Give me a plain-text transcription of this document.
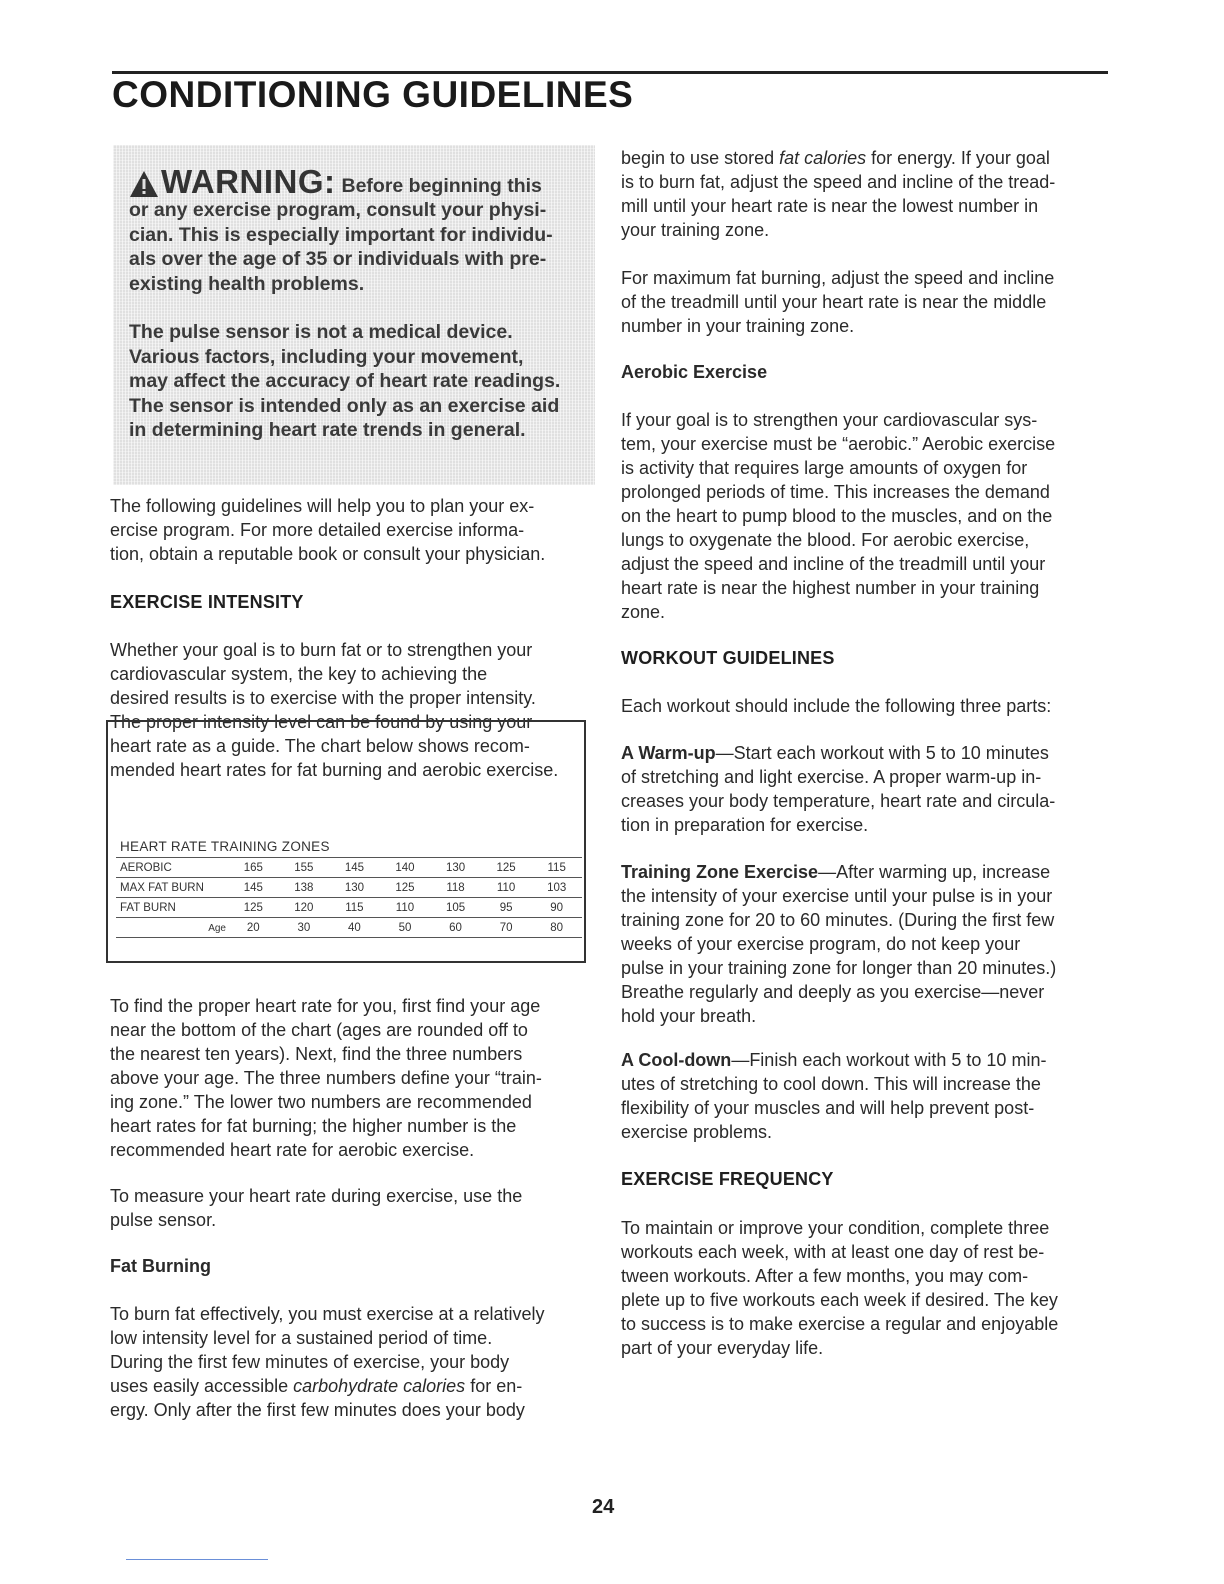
CONDITIONING GUIDELINES
WARNING: Before beginning this

or any exercise program, consult your physi-
cian. This is especially important for individu-
als over the age of 35 or individuals with pre-
existing health problems.

The pulse sensor is not a medical device.
Various factors, including your movement,
may affect the accuracy of heart rate readings.
The sensor is intended only as an exercise aid
in determining heart rate trends in general.

The following guidelines will help you to plan your ex-
ercise program. For more detailed exercise informa-
tion, obtain a reputable book or consult your physician.

EXERCISE INTENSITY

Whether your goal is to burn fat or to strengthen your
cardiovascular system, the key to achieving the
desired results is to exercise with the proper intensity.
The proper intensity level can be found by using your
heart rate as a guide. The chart below shows recom-
mended heart rates for fat burning and aerobic exercise.

HEART RATE TRAINING ZONES
AEROBIC	165	155	145	140	130	125	115
MAX FAT BURN	145	138	130	125	118	110	103
FAT BURN	125	120	115	110	105	95	90
Age	20	30	40	50	60	70	80

To find the proper heart rate for you, first find your age
near the bottom of the chart (ages are rounded off to
the nearest ten years). Next, find the three numbers
above your age. The three numbers define your “train-
ing zone.” The lower two numbers are recommended
heart rates for fat burning; the higher number is the
recommended heart rate for aerobic exercise.

To measure your heart rate during exercise, use the
pulse sensor.

Fat Burning

To burn fat effectively, you must exercise at a relatively
low intensity level for a sustained period of time.
During the first few minutes of exercise, your body
uses easily accessible carbohydrate calories for en-
ergy. Only after the first few minutes does your body

begin to use stored fat calories for energy. If your goal
is to burn fat, adjust the speed and incline of the tread-
mill until your heart rate is near the lowest number in
your training zone.

For maximum fat burning, adjust the speed and incline
of the treadmill until your heart rate is near the middle
number in your training zone.

Aerobic Exercise

If your goal is to strengthen your cardiovascular sys-
tem, your exercise must be “aerobic.” Aerobic exercise
is activity that requires large amounts of oxygen for
prolonged periods of time. This increases the demand
on the heart to pump blood to the muscles, and on the
lungs to oxygenate the blood. For aerobic exercise,
adjust the speed and incline of the treadmill until your
heart rate is near the highest number in your training
zone.

WORKOUT GUIDELINES

Each workout should include the following three parts:

A Warm-up—Start each workout with 5 to 10 minutes
of stretching and light exercise. A proper warm-up in-
creases your body temperature, heart rate and circula-
tion in preparation for exercise.

Training Zone Exercise—After warming up, increase
the intensity of your exercise until your pulse is in your
training zone for 20 to 60 minutes. (During the first few
weeks of your exercise program, do not keep your
pulse in your training zone for longer than 20 minutes.)
Breathe regularly and deeply as you exercise—never
hold your breath.

A Cool-down—Finish each workout with 5 to 10 min-
utes of stretching to cool down. This will increase the
flexibility of your muscles and will help prevent post-
exercise problems.

EXERCISE FREQUENCY

To maintain or improve your condition, complete three
workouts each week, with at least one day of rest be-
tween workouts. After a few months, you may com-
plete up to five workouts each week if desired. The key
to success is to make exercise a regular and enjoyable
part of your everyday life.

24
